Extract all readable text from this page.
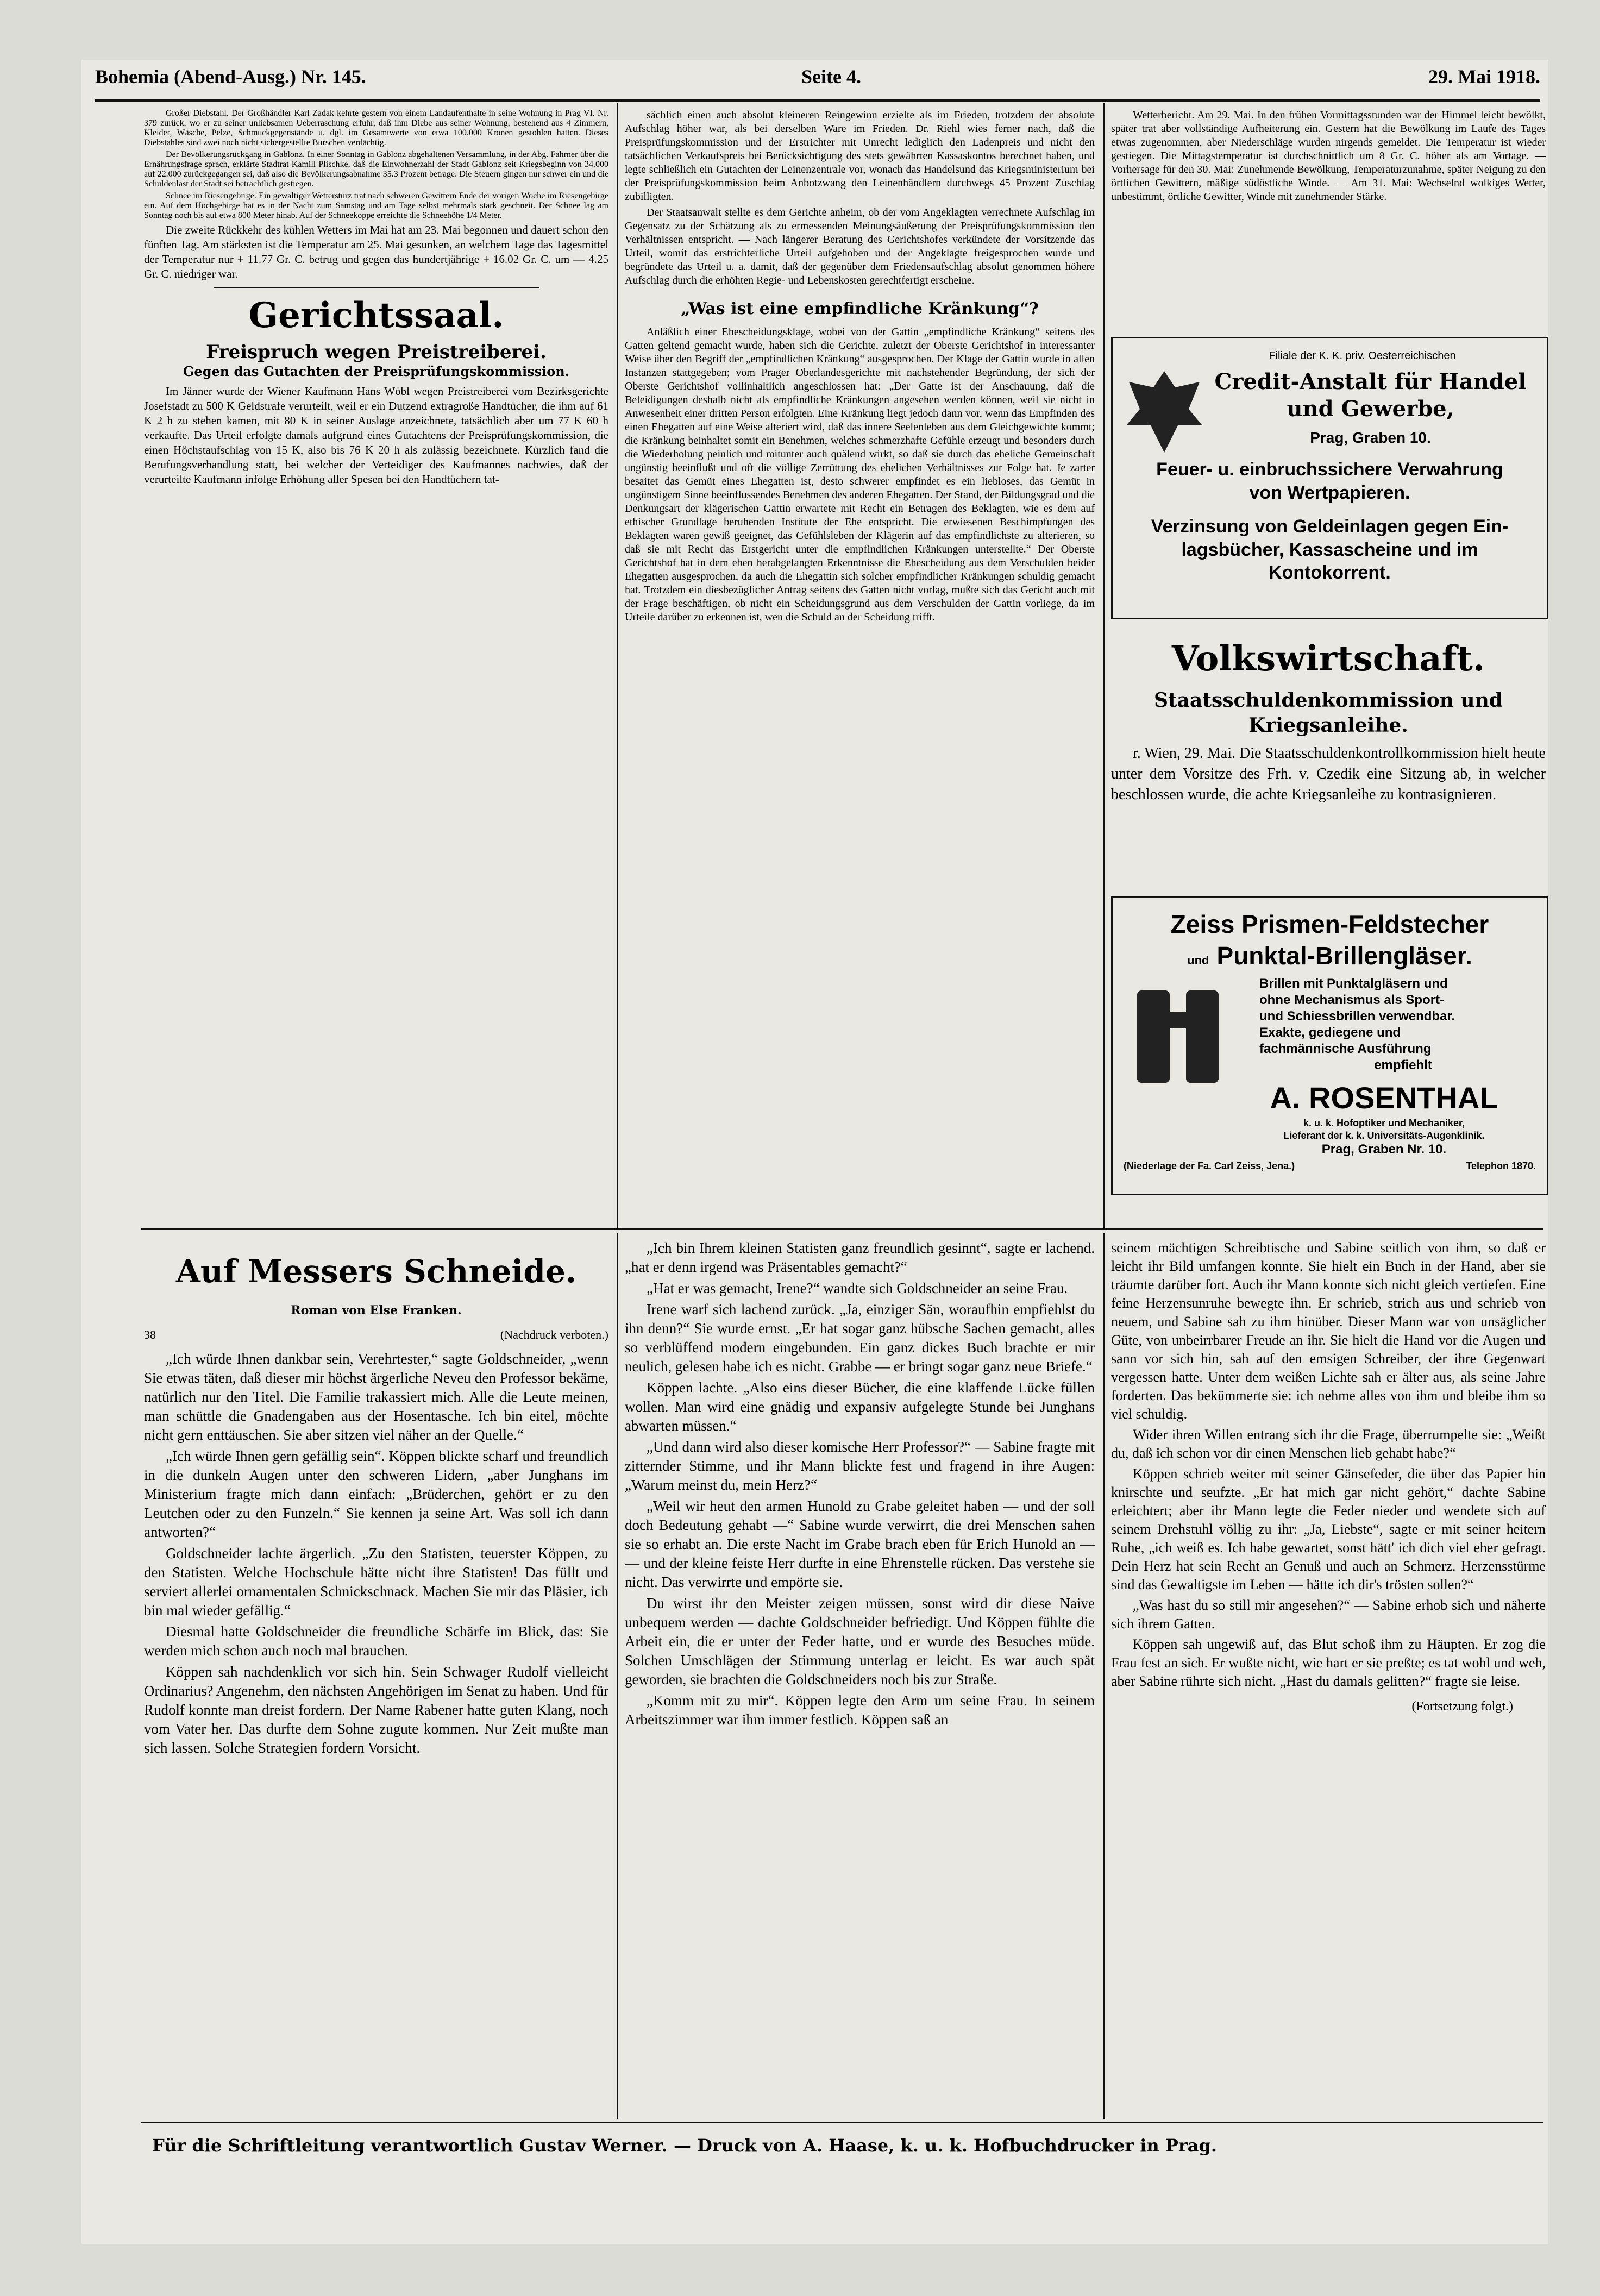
Bohemia (Abend-Ausg.) Nr. 145.	Seite 4.	29. Mai 1918.

Großer Diebstahl. Der Großhändler Karl Zadak kehrte gestern von einem Landaufenthalte in seine Wohnung in Prag VI. Nr. 379 zurück, wo er zu seiner unliebsamen Ueberraschung erfuhr, daß ihm Diebe aus seiner Wohnung, bestehend aus 4 Zimmern, Kleider, Wäsche, Pelze, Schmuckgegenstände u. dgl. im Gesamtwerte von etwa 100.000 Kronen gestohlen hatten. Dieses Diebstahles sind zwei noch nicht sichergestellte Burschen verdächtig.

Der Bevölkerungsrückgang in Gablonz. In einer Sonntag in Gablonz abgehaltenen Versammlung, in der Abg. Fahrner über die Ernährungsfrage sprach, erklärte Stadtrat Kamill Plischke, daß die Einwohnerzahl der Stadt Gablonz seit Kriegsbeginn von 34.000 auf 22.000 zurückgegangen sei, daß also die Bevölkerungsabnahme 35.3 Prozent betrage. Die Steuern gingen nur schwer ein und die Schuldenlast der Stadt sei beträchtlich gestiegen.

Schnee im Riesengebirge. Ein gewaltiger Wettersturz trat nach schweren Gewittern Ende der vorigen Woche im Riesengebirge ein. Auf dem Hochgebirge hat es in der Nacht zum Samstag und am Tage selbst mehrmals stark geschneit. Der Schnee lag am Sonntag noch bis auf etwa 800 Meter hinab. Auf der Schneekoppe erreichte die Schneehöhe 1/4 Meter.

Die zweite Rückkehr des kühlen Wetters im Mai hat am 23. Mai begonnen und dauert schon den fünften Tag. Am stärksten ist die Temperatur am 25. Mai gesunken, an welchem Tage das Tagesmittel der Temperatur nur + 11.77 Gr. C. betrug und gegen das hundertjährige + 16.02 Gr. C. um — 4.25 Gr. C. niedriger war.

Gerichtssaal.
Freispruch wegen Preistreiberei.
Gegen das Gutachten der Preisprüfungskommission.

Im Jänner wurde der Wiener Kaufmann Hans Wöbl wegen Preistreiberei vom Bezirksgerichte Josefstadt zu 500 K Geldstrafe verurteilt, weil er ein Dutzend extragroße Handtücher, die ihm auf 61 K 2 h zu stehen kamen, mit 80 K in seiner Auslage anzeichnete, tatsächlich aber um 77 K 60 h verkaufte. Das Urteil erfolgte damals aufgrund eines Gutachtens der Preisprüfungskommission, die einen Höchstaufschlag von 15 K, also bis 76 K 20 h als zulässig bezeichnete. Kürzlich fand die Berufungsverhandlung statt, bei welcher der Verteidiger des Kaufmannes nachwies, daß der verurteilte Kaufmann infolge Erhöhung aller Spesen bei den Handtüchern tat-

sächlich einen auch absolut kleineren Reingewinn erzielte als im Frieden, trotzdem der absolute Aufschlag höher war, als bei derselben Ware im Frieden. Dr. Riehl wies ferner nach, daß die Preisprüfungskommission und der Erstrichter mit Unrecht lediglich den Ladenpreis und nicht den tatsächlichen Verkaufspreis bei Berücksichtigung des stets gewährten Kassaskontos berechnet haben, und legte schließlich ein Gutachten der Leinenzentrale vor, wonach das Handelsund das Kriegsministerium bei der Preisprüfungskommission beim Anbotzwang den Leinenhändlern durchwegs 45 Prozent Zuschlag zubilligten.

Der Staatsanwalt stellte es dem Gerichte anheim, ob der vom Angeklagten verrechnete Aufschlag im Gegensatz zu der Schätzung als zu ermessenden Meinungsäußerung der Preisprüfungskommission den Verhältnissen entspricht. — Nach längerer Beratung des Gerichtshofes verkündete der Vorsitzende das Urteil, womit das erstrichterliche Urteil aufgehoben und der Angeklagte freigesprochen wurde und begründete das Urteil u. a. damit, daß der gegenüber dem Friedensaufschlag absolut genommen höhere Aufschlag durch die erhöhten Regie- und Lebenskosten gerechtfertigt erscheine.

„Was ist eine empfindliche Kränkung“?

Anläßlich einer Ehescheidungsklage, wobei von der Gattin „empfindliche Kränkung“ seitens des Gatten geltend gemacht wurde, haben sich die Gerichte, zuletzt der Oberste Gerichtshof in interessanter Weise über den Begriff der „empfindlichen Kränkung“ ausgesprochen. Der Klage der Gattin wurde in allen Instanzen stattgegeben; vom Prager Oberlandesgerichte mit nachstehender Begründung, der sich der Oberste Gerichtshof vollinhaltlich angeschlossen hat: „Der Gatte ist der Anschauung, daß die Beleidigungen deshalb nicht als empfindliche Kränkungen angesehen werden können, weil sie nicht in Anwesenheit einer dritten Person erfolgten. Eine Kränkung liegt jedoch dann vor, wenn das Empfinden des einen Ehegatten auf eine Weise alteriert wird, daß das innere Seelenleben aus dem Gleichgewichte kommt; die Kränkung beinhaltet somit ein Benehmen, welches schmerzhafte Gefühle erzeugt und besonders durch die Wiederholung peinlich und mitunter auch quälend wirkt, so daß sie durch das eheliche Gemeinschaft ungünstig beeinflußt und oft die völlige Zerrüttung des ehelichen Verhältnisses zur Folge hat. Je zarter besaitet das Gemüt eines Ehegatten ist, desto schwerer empfindet es ein liebloses, das Gemüt in ungünstigem Sinne beeinflussendes Benehmen des anderen Ehegatten. Der Stand, der Bildungsgrad und die Denkungsart der klägerischen Gattin erwartete mit Recht ein Betragen des Beklagten, wie es dem auf ethischer Grundlage beruhenden Institute der Ehe entspricht. Die erwiesenen Beschimpfungen des Beklagten waren gewiß geeignet, das Gefühlsleben der Klägerin auf das empfindlichste zu alterieren, so daß sie mit Recht das Erstgericht unter die empfindlichen Kränkungen unterstellte.“ Der Oberste Gerichtshof hat in dem eben herabgelangten Erkenntnisse die Ehescheidung aus dem Verschulden beider Ehegatten ausgesprochen, da auch die Ehegattin sich solcher empfindlicher Kränkungen schuldig gemacht hat. Trotzdem ein diesbezüglicher Antrag seitens des Gatten nicht vorlag, mußte sich das Gericht auch mit der Frage beschäftigen, ob nicht ein Scheidungsgrund aus dem Verschulden der Gattin vorliege, da im Urteile darüber zu erkennen ist, wen die Schuld an der Scheidung trifft.

Wetterbericht. Am 29. Mai. In den frühen Vormittagsstunden war der Himmel leicht bewölkt, später trat aber vollständige Aufheiterung ein. Gestern hat die Bewölkung im Laufe des Tages etwas zugenommen, aber Niederschläge wurden nirgends gemeldet. Die Temperatur ist wieder gestiegen. Die Mittagstemperatur ist durchschnittlich um 8 Gr. C. höher als am Vortage. — Vorhersage für den 30. Mai: Zunehmende Bewölkung, Temperaturzunahme, später Neigung zu den örtlichen Gewittern, mäßige südöstliche Winde. — Am 31. Mai: Wechselnd wolkiges Wetter, unbestimmt, örtliche Gewitter, Winde mit zunehmender Stärke.

Filiale der K. K. priv. Oesterreichischen
Credit-Anstalt für Handel und Gewerbe,
Prag, Graben 10.
Feuer- u. einbruchssichere Verwahrung
von Wertpapieren.
Verzinsung von Geldeinlagen gegen Ein-
lagsbücher, Kassascheine und im
Kontokorrent.
Volkswirtschaft.
Staatsschuldenkommission und Kriegsanleihe.

r. Wien, 29. Mai. Die Staatsschuldenkontrollkommission hielt heute unter dem Vorsitze des Frh. v. Czedik eine Sitzung ab, in welcher beschlossen wurde, die achte Kriegsanleihe zu kontrasignieren.

Zeiss Prismen-Feldstecher
und Punktal-Brillengläser.
Brillen mit Punktalgläsern und
ohne Mechanismus als Sport-
und Schiessbrillen verwendbar.
Exakte, gediegene und
fachmännische Ausführung
empfiehlt
A. ROSENTHAL
k. u. k. Hofoptiker und Mechaniker,
Lieferant der k. k. Universitäts-Augenklinik.
Prag, Graben Nr. 10.
(Niederlage der Fa. Carl Zeiss, Jena.)	Telephon 1870.
Auf Messers Schneide.
Roman von Else Franken.
38	(Nachdruck verboten.)

„Ich würde Ihnen dankbar sein, Verehrtester,“ sagte Goldschneider, „wenn Sie etwas täten, daß dieser mir höchst ärgerliche Neveu den Professor bekäme, natürlich nur den Titel. Die Familie trakassiert mich. Alle die Leute meinen, man schüttle die Gnadengaben aus der Hosentasche. Ich bin eitel, möchte nicht gern enttäuschen. Sie aber sitzen viel näher an der Quelle.“

„Ich würde Ihnen gern gefällig sein“. Köppen blickte scharf und freundlich in die dunkeln Augen unter den schweren Lidern, „aber Junghans im Ministerium fragte mich dann einfach: „Brüderchen, gehört er zu den Leutchen oder zu den Funzeln.“ Sie kennen ja seine Art. Was soll ich dann antworten?“

Goldschneider lachte ärgerlich. „Zu den Statisten, teuerster Köppen, zu den Statisten. Welche Hochschule hätte nicht ihre Statisten! Das füllt und serviert allerlei ornamentalen Schnickschnack. Machen Sie mir das Pläsier, ich bin mal wieder gefällig.“

Diesmal hatte Goldschneider die freundliche Schärfe im Blick, das: Sie werden mich schon auch noch mal brauchen.

Köppen sah nachdenklich vor sich hin. Sein Schwager Rudolf vielleicht Ordinarius? Angenehm, den nächsten Angehörigen im Senat zu haben. Und für Rudolf konnte man dreist fordern. Der Name Rabener hatte guten Klang, noch vom Vater her. Das durfte dem Sohne zugute kommen. Nur Zeit mußte man sich lassen. Solche Strategien fordern Vorsicht.

„Ich bin Ihrem kleinen Statisten ganz freundlich gesinnt“, sagte er lachend. „hat er denn irgend was Präsentables gemacht?“

„Hat er was gemacht, Irene?“ wandte sich Goldschneider an seine Frau.

Irene warf sich lachend zurück. „Ja, einziger Sän, woraufhin empfiehlst du ihn denn?“ Sie wurde ernst. „Er hat sogar ganz hübsche Sachen gemacht, alles so verblüffend modern eingebunden. Ein ganz dickes Buch brachte er mir neulich, gelesen habe ich es nicht. Grabbe — er bringt sogar ganz neue Briefe.“

Köppen lachte. „Also eins dieser Bücher, die eine klaffende Lücke füllen wollen. Man wird eine gnädig und expansiv aufgelegte Stunde bei Junghans abwarten müssen.“

„Und dann wird also dieser komische Herr Professor?“ — Sabine fragte mit zitternder Stimme, und ihr Mann blickte fest und fragend in ihre Augen: „Warum meinst du, mein Herz?“

„Weil wir heut den armen Hunold zu Grabe geleitet haben — und der soll doch Bedeutung gehabt —“ Sabine wurde verwirrt, die drei Menschen sahen sie so erhabt an. Die erste Nacht im Grabe brach eben für Erich Hunold an — — und der kleine feiste Herr durfte in eine Ehrenstelle rücken. Das verstehe sie nicht. Das verwirrte und empörte sie.

Du wirst ihr den Meister zeigen müssen, sonst wird dir diese Naive unbequem werden — dachte Goldschneider befriedigt. Und Köppen fühlte die Arbeit ein, die er unter der Feder hatte, und er wurde des Besuches müde. Solchen Umschlägen der Stimmung unterlag er leicht. Es war auch spät geworden, sie brachten die Goldschneiders noch bis zur Straße.

„Komm mit zu mir“. Köppen legte den Arm um seine Frau. In seinem Arbeitszimmer war ihm immer festlich. Köppen saß an

seinem mächtigen Schreibtische und Sabine seitlich von ihm, so daß er leicht ihr Bild umfangen konnte. Sie hielt ein Buch in der Hand, aber sie träumte darüber fort. Auch ihr Mann konnte sich nicht gleich vertiefen. Eine feine Herzensunruhe bewegte ihn. Er schrieb, strich aus und schrieb von neuem, und Sabine sah zu ihm hinüber. Dieser Mann war von unsäglicher Güte, von unbeirrbarer Freude an ihr. Sie hielt die Hand vor die Augen und sann vor sich hin, sah auf den emsigen Schreiber, der ihre Gegenwart vergessen hatte. Unter dem weißen Lichte sah er älter aus, als seine Jahre forderten. Das bekümmerte sie: ich nehme alles von ihm und bleibe ihm so viel schuldig.

Wider ihren Willen entrang sich ihr die Frage, überrumpelte sie: „Weißt du, daß ich schon vor dir einen Menschen lieb gehabt habe?“

Köppen schrieb weiter mit seiner Gänsefeder, die über das Papier hin knirschte und seufzte. „Er hat mich gar nicht gehört,“ dachte Sabine erleichtert; aber ihr Mann legte die Feder nieder und wendete sich auf seinem Drehstuhl völlig zu ihr: „Ja, Liebste“, sagte er mit seiner heitern Ruhe, „ich weiß es. Ich habe gewartet, sonst hätt' ich dich viel eher gefragt. Dein Herz hat sein Recht an Genuß und auch an Schmerz. Herzensstürme sind das Gewaltigste im Leben — hätte ich dir's trösten sollen?“

„Was hast du so still mir angesehen?“ — Sabine erhob sich und näherte sich ihrem Gatten.

Köppen sah ungewiß auf, das Blut schoß ihm zu Häupten. Er zog die Frau fest an sich. Er wußte nicht, wie hart er sie preßte; es tat wohl und weh, aber Sabine rührte sich nicht. „Hast du damals gelitten?“ fragte sie leise.

(Fortsetzung folgt.)

Für die Schriftleitung verantwortlich Gustav Werner. — Druck von A. Haase, k. u. k. Hofbuchdrucker in Prag.
